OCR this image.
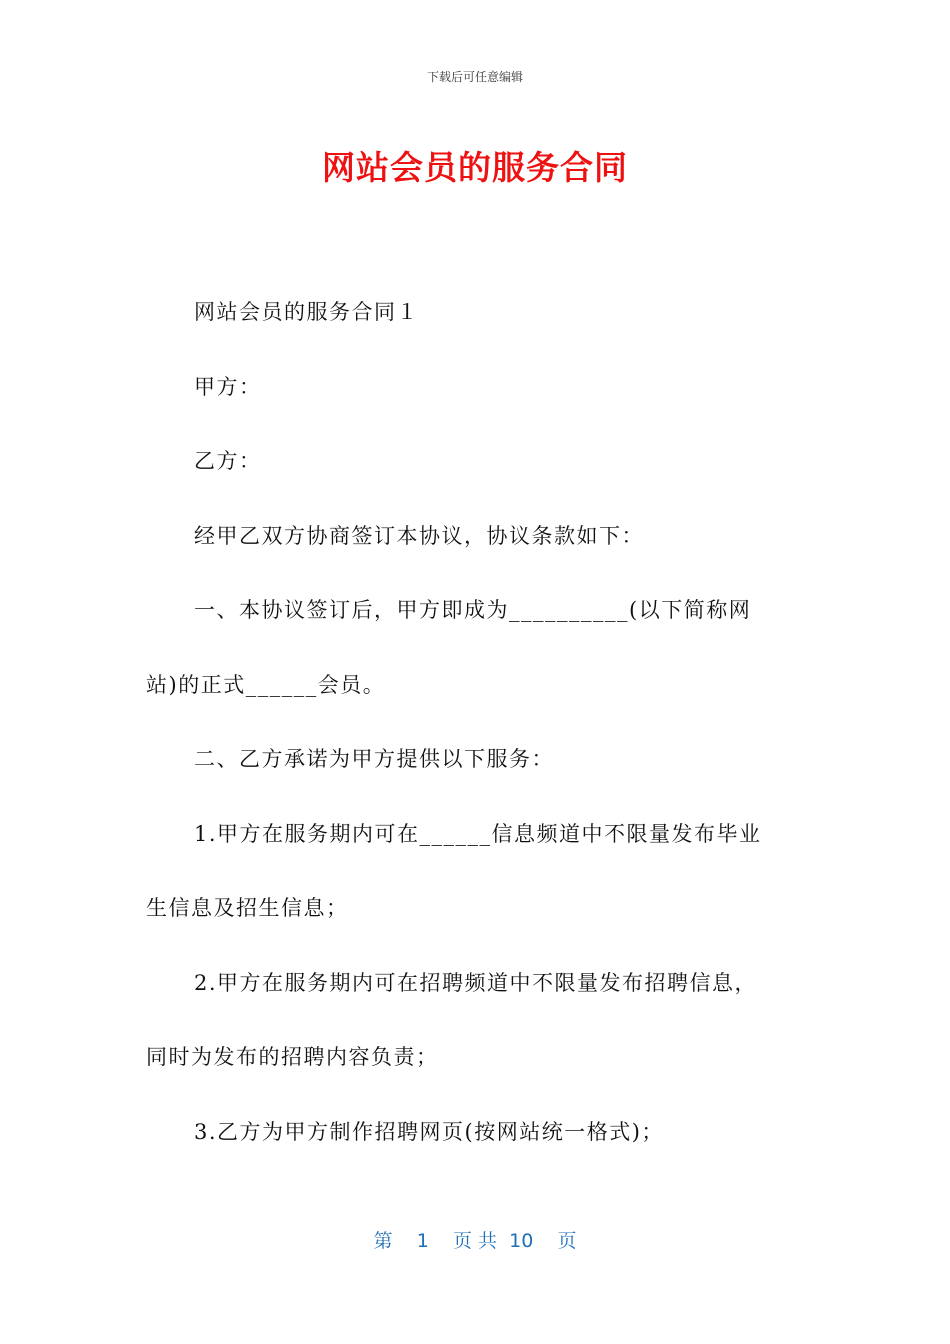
下载后可任意编辑
网站会员的服务合同

网站会员的服务合同１

甲方：

乙方：

经甲乙双方协商签订本协议，协议条款如下：

一、本协议签订后，甲方即成为__________(以下简称网

站)的正式______会员。

二、乙方承诺为甲方提供以下服务：

1.甲方在服务期内可在______信息频道中不限量发布毕业

生信息及招生信息；

2.甲方在服务期内可在招聘频道中不限量发布招聘信息，

同时为发布的招聘内容负责；

3.乙方为甲方制作招聘网页(按网站统一格式)；

第 1 页 共 10 页
